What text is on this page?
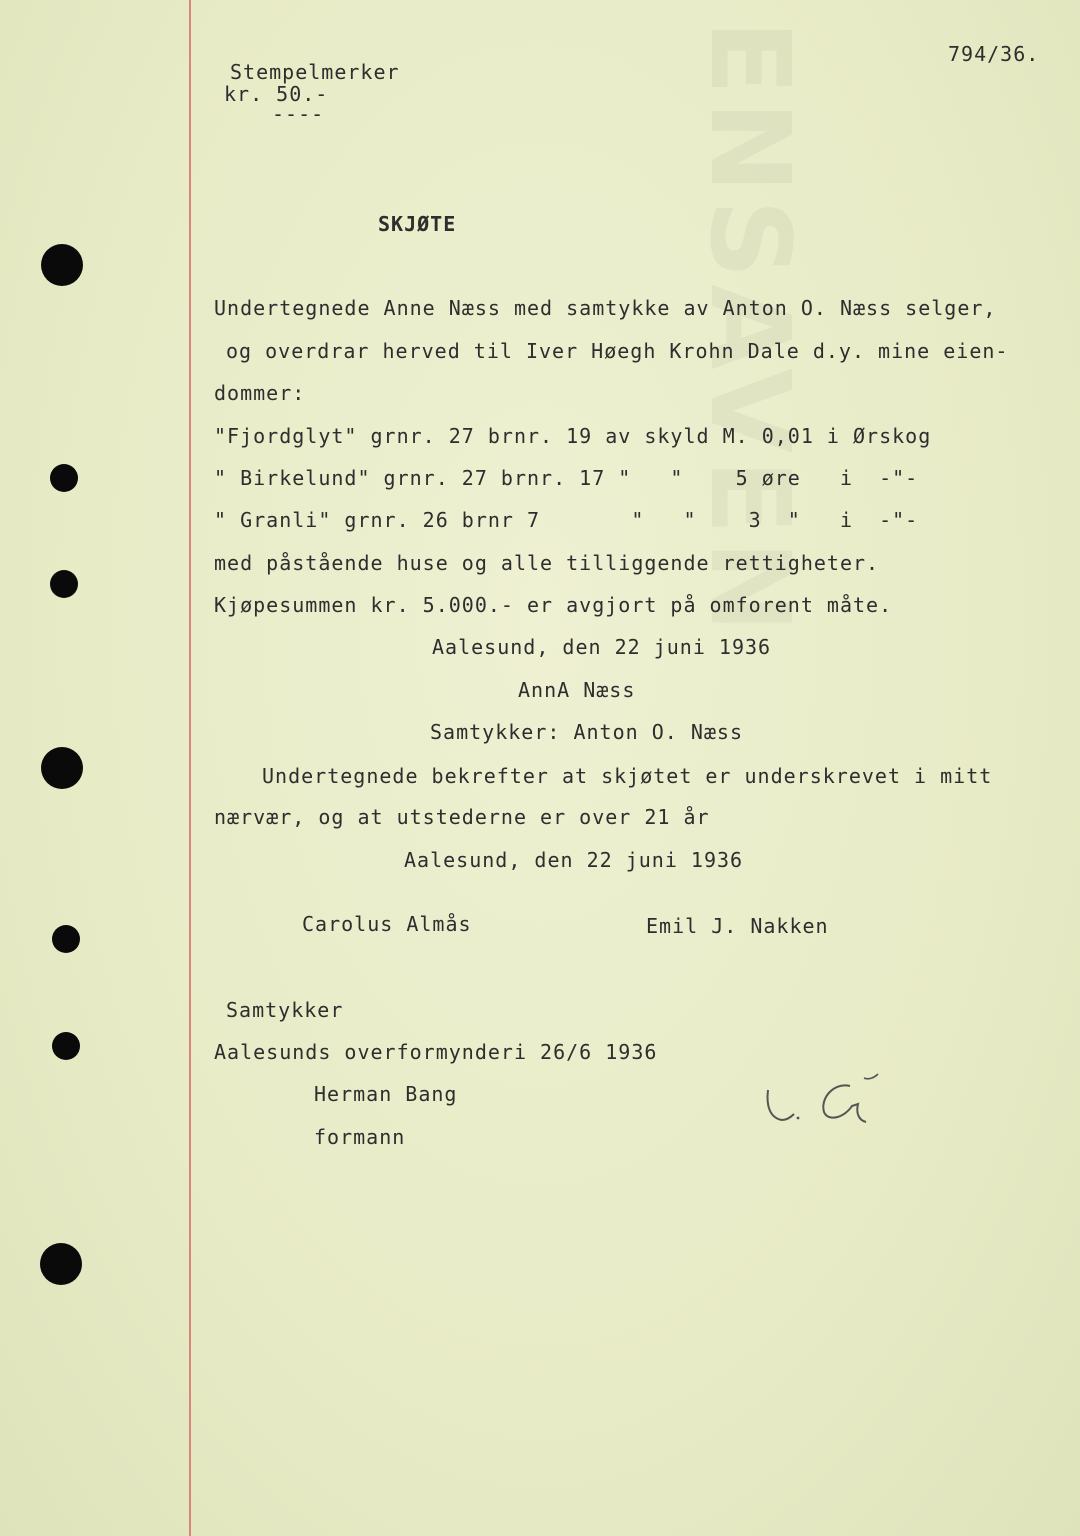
ENSAVEN
Stempelmerker
kr. 50.-
----
794/36.
SKJØTE
Undertegnede Anne Næss med samtykke av Anton O. Næss selger,
og overdrar herved til Iver Høegh Krohn Dale d.y. mine eien-
dommer:
"Fjordglyt" grnr. 27 brnr. 19 av skyld M. 0,01 i Ørskog
" Birkelund" grnr. 27 brnr. 17 "   "    5 øre   i  -"-
" Granli" grnr. 26 brnr 7       "   "    3  "   i  -"-
med påstående huse og alle tilliggende rettigheter.
Kjøpesummen kr. 5.000.- er avgjort på omforent måte.
Aalesund, den 22 juni 1936
AnnA Næss
Samtykker: Anton O. Næss
Undertegnede bekrefter at skjøtet er underskrevet i mitt
nærvær, og at utstederne er over 21 år
Aalesund, den 22 juni 1936
Carolus Almås	Emil J. Nakken
Samtykker
Aalesunds overformynderi 26/6 1936
Herman Bang
formann
